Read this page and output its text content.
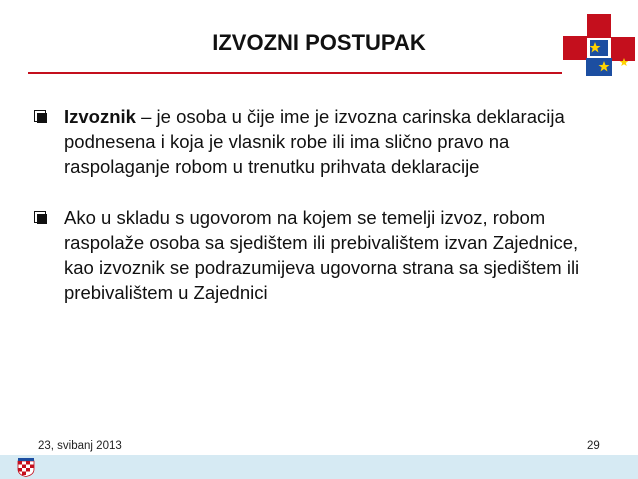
IZVOZNI POSTUPAK
Izvoznik – je osoba u čije ime je izvozna carinska deklaracija podnesena i koja je vlasnik robe ili ima slično pravo na raspolaganje robom u trenutku prihvata deklaracije
Ako u skladu s ugovorom na kojem se temelji izvoz, robom raspolaže osoba sa sjedištem ili prebivalištem izvan Zajednice, kao izvoznik se podrazumijeva ugovorna strana sa sjedištem ili prebivalištem u Zajednici
23, svibanj 2013	29
